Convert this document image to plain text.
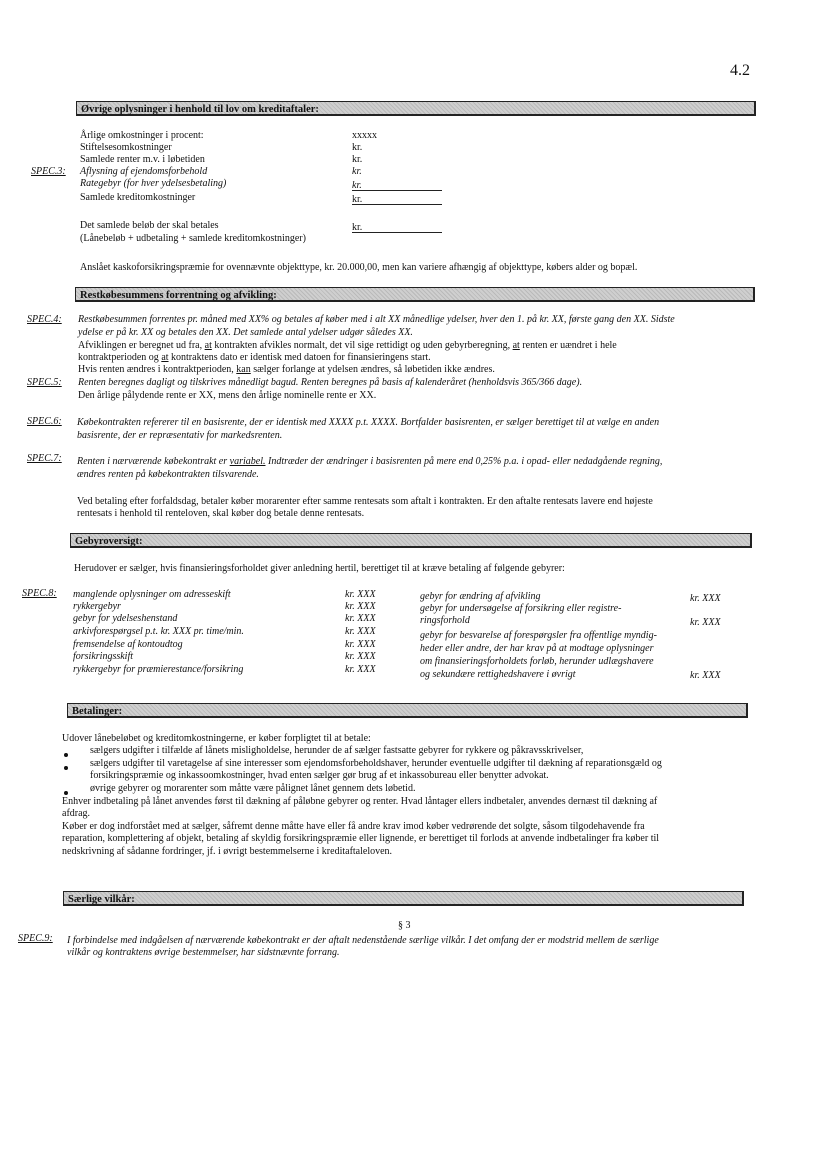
4.2
Øvrige oplysninger i henhold til lov om kreditaftaler:
Årlige omkostninger i procent:	xxxxx
Stiftelsesomkostninger	kr.
Samlede renter m.v. i løbetiden	kr.
SPEC.3: Aflysning af ejendomsforbehold	kr.
Rategebyr (for hver ydelsesbetaling)	kr.
Samlede kreditomkostninger	kr.
Det samlede beløb der skal betales	kr.
(Lånebeløb + udbetaling + samlede kreditomkostninger)
Anslået kaskoforsikringspræmie for ovennævnte objekttype, kr. 20.000,00, men kan variere afhængig af objekttype, købers alder og bopæl.
Restkøbesummens forrentning og afvikling:
SPEC.4: Restkøbesummen forrentes pr. måned med XX% og betales af køber med i alt XX månedlige ydelser, hver den 1. på kr. XX, første gang den XX. Sidste
ydelse er på kr. XX og betales den XX. Det samlede antal ydelser udgør således XX.
Afviklingen er beregnet ud fra, at kontrakten afvikles normalt, det vil sige rettidigt og uden gebyrberegning, at renten er uændret i hele
kontraktperioden og at kontraktens dato er identisk med datoen for finansieringens start.
Hvis renten ændres i kontraktperioden, kan sælger forlange at ydelsen ændres, så løbetiden ikke ændres.
SPEC.5: Renten beregnes dagligt og tilskrives månedligt bagud. Renten beregnes på basis af kalenderåret (henholdsvis 365/366 dage).
Den årlige pålydende rente er XX, mens den årlige nominelle rente er XX.
SPEC.6: Købekontrakten refererer til en basisrente, der er identisk med XXXX p.t. XXXX. Bortfalder basisrenten, er sælger berettiget til at vælge en anden
basisrente, der er repræsentativ for markedsrenten.
SPEC.7: Renten i nærværende købekontrakt er variabel. Indtræder der ændringer i basisrenten på mere end 0,25% p.a. i opad- eller nedadgående regning,
ændres renten på købekontrakten tilsvarende.
Ved betaling efter forfaldsdag, betaler køber morarenter efter samme rentesats som aftalt i kontrakten. Er den aftalte rentesats lavere end højeste
rentesats i henhold til renteloven, skal køber dog betale denne rentesats.
Gebyroversigt:
Herudover er sælger, hvis finansieringsforholdet giver anledning hertil, berettiget til at kræve betaling af følgende gebyrer:
SPEC.8: manglende oplysninger om adresseskift	kr. XXX
rykkergebyr	kr. XXX
gebyr for ydelseshenstand	kr. XXX
arkivforespørgsel p.t. kr. XXX pr. time/min.	kr. XXX
fremsendelse af kontoudtog	kr. XXX
forsikringsskift	kr. XXX
rykkergebyr for præmierestance/forsikring	kr. XXX
gebyr for ændring af afvikling	kr. XXX
gebyr for undersøgelse af forsikring eller registre-
ringsforhold	kr. XXX
gebyr for besvarelse af forespørgsler fra offentlige myndig-
heder eller andre, der har krav på at modtage oplysninger
om finansieringsforholdets forløb, herunder udlægshavere
og sekundære rettighedshavere i øvrigt	kr. XXX
Betalinger:
Udover lånebeløbet og kreditomkostningerne, er køber forpligtet til at betale:
sælgers udgifter i tilfælde af lånets misligholdelse, herunder de af sælger fastsatte gebyrer for rykkere og påkravsskrivelser,
sælgers udgifter til varetagelse af sine interesser som ejendomsforbeholdshaver, herunder eventuelle udgifter til dækning af reparationsgæld og
forsikringspræmie og inkassoomkostninger, hvad enten sælger gør brug af et inkassobureau eller benytter advokat.
øvrige gebyrer og morarenter som måtte være pålignet lånet gennem dets løbetid.
Enhver indbetaling på lånet anvendes først til dækning af påløbne gebyrer og renter. Hvad låntager ellers indbetaler, anvendes dernæst til dækning af
afdrag.
Køber er dog indforstået med at sælger, såfremt denne måtte have eller få andre krav imod køber vedrørende det solgte, såsom tilgodehavende fra
reparation, komplettering af objekt, betaling af skyldig forsikringspræmie eller lignende, er berettiget til forlods at anvende indbetalinger fra køber til
nedskrivning af sådanne fordringer, jf. i øvrigt bestemmelserne i kreditaftaleloven.
Særlige vilkår:
§ 3
SPEC.9: I forbindelse med indgåelsen af nærværende købekontrakt er der aftalt nedenstående særlige vilkår. I det omfang der er modstrid mellem de særlige
vilkår og kontraktens øvrige bestemmelser, har sidstnævnte forrang.
